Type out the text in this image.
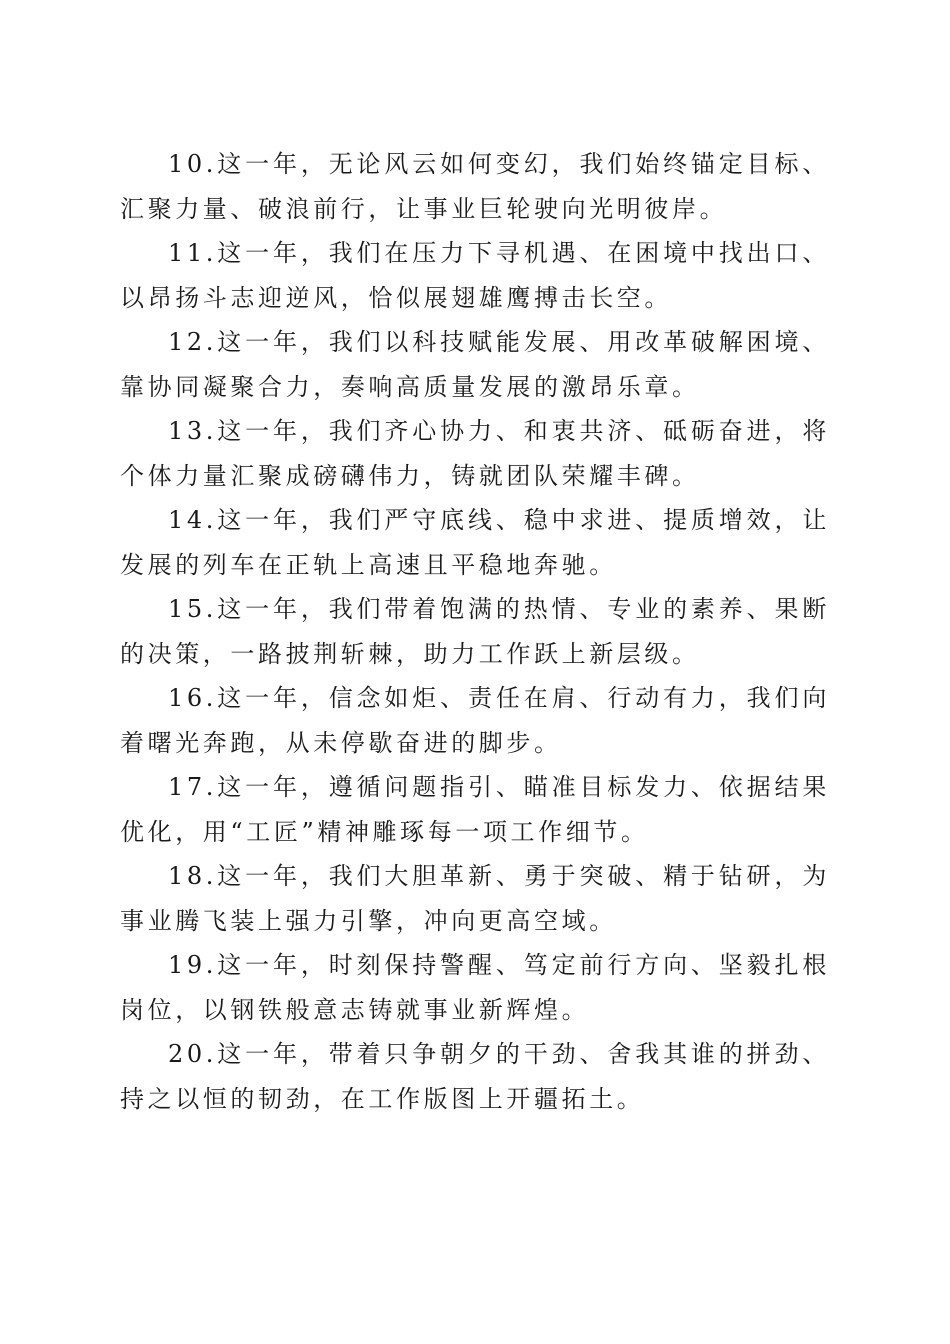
10.这一年，无论风云如何变幻，我们始终锚定目标、汇聚力量、破浪前行，让事业巨轮驶向光明彼岸。

11.这一年，我们在压力下寻机遇、在困境中找出口、以昂扬斗志迎逆风，恰似展翅雄鹰搏击长空。

12.这一年，我们以科技赋能发展、用改革破解困境、靠协同凝聚合力，奏响高质量发展的激昂乐章。

13.这一年，我们齐心协力、和衷共济、砥砺奋进，将个体力量汇聚成磅礴伟力，铸就团队荣耀丰碑。

14.这一年，我们严守底线、稳中求进、提质增效，让发展的列车在正轨上高速且平稳地奔驰。

15.这一年，我们带着饱满的热情、专业的素养、果断的决策，一路披荆斩棘，助力工作跃上新层级。

16.这一年，信念如炬、责任在肩、行动有力，我们向着曙光奔跑，从未停歇奋进的脚步。

17.这一年，遵循问题指引、瞄准目标发力、依据结果优化，用“工匠”精神雕琢每一项工作细节。

18.这一年，我们大胆革新、勇于突破、精于钻研，为事业腾飞装上强力引擎，冲向更高空域。

19.这一年，时刻保持警醒、笃定前行方向、坚毅扎根岗位，以钢铁般意志铸就事业新辉煌。

20.这一年，带着只争朝夕的干劲、舍我其谁的拼劲、持之以恒的韧劲，在工作版图上开疆拓土。
